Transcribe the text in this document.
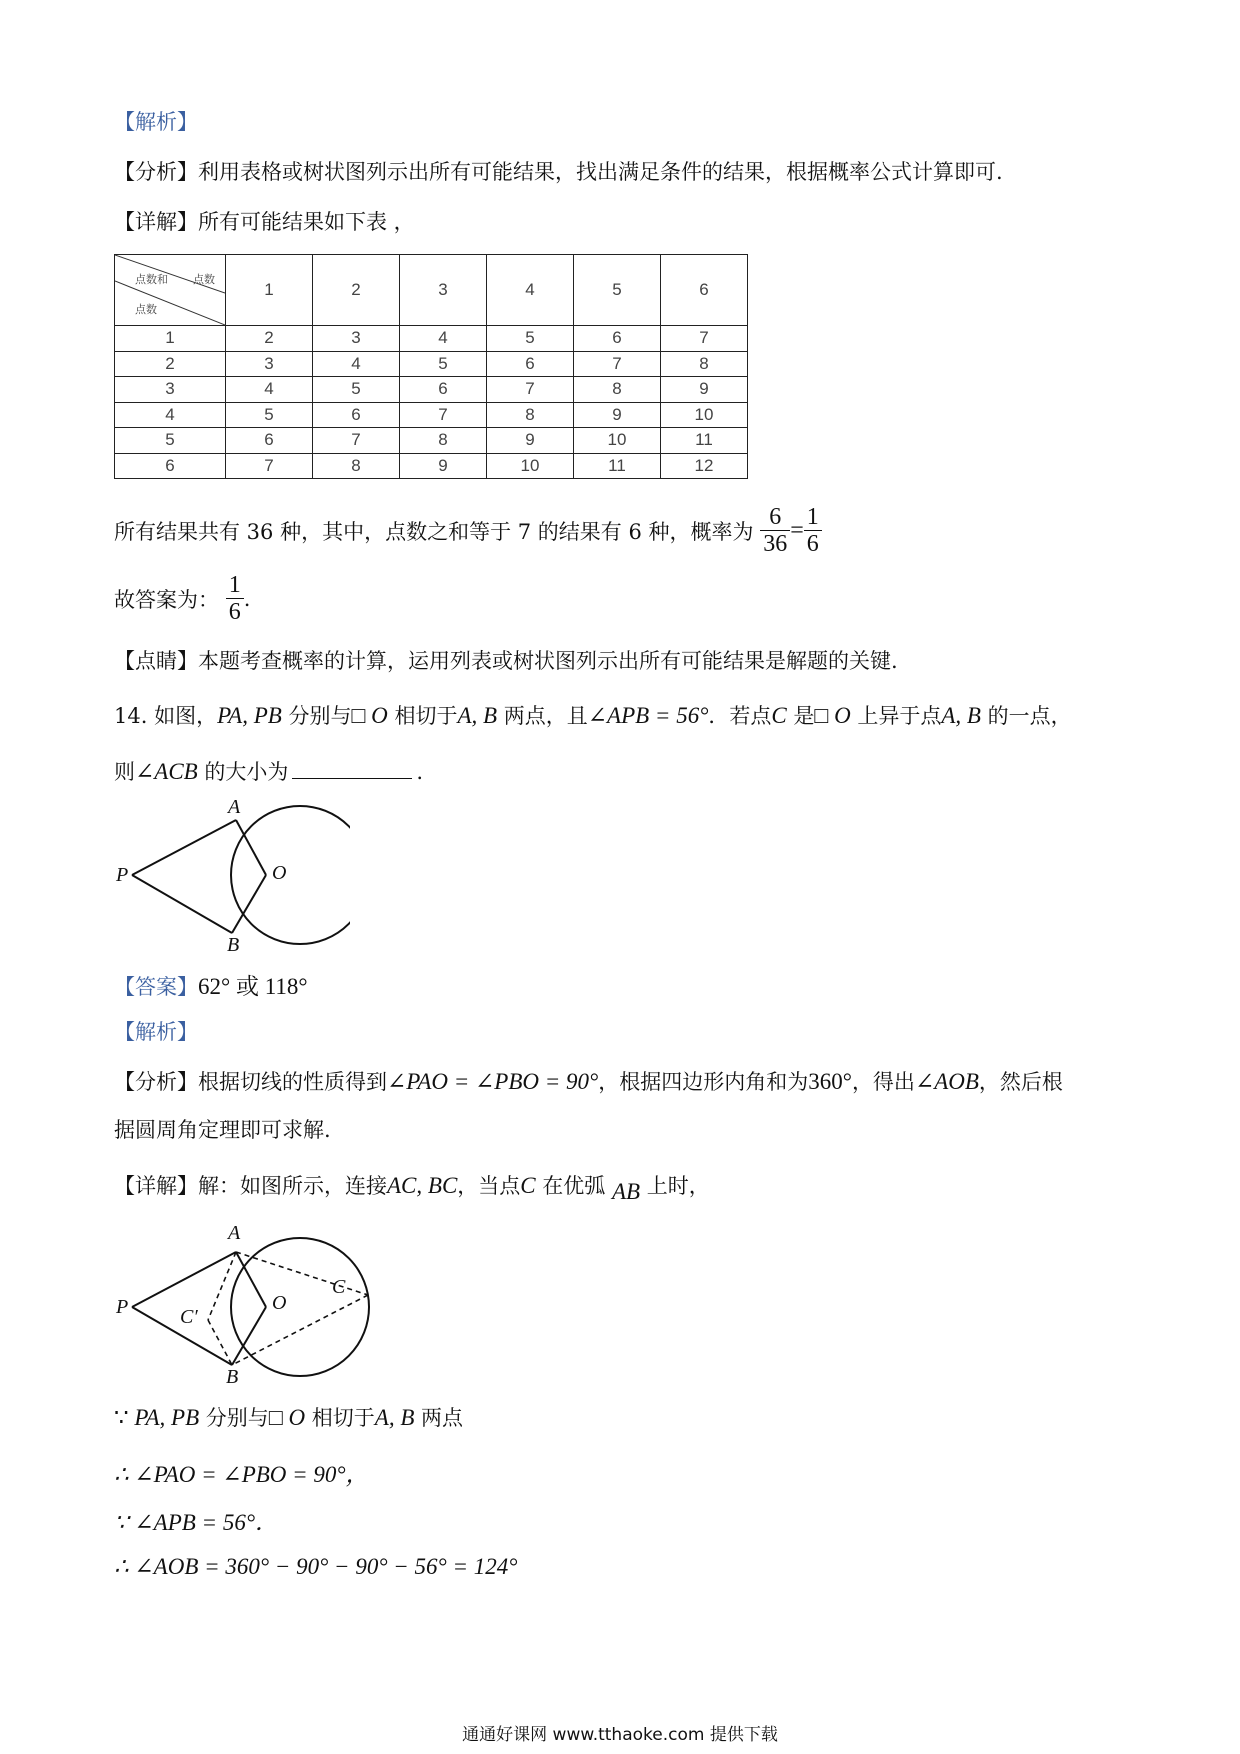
【解析】
【分析】利用表格或树状图列示出所有可能结果，找出满足条件的结果，根据概率公式计算即可.
【详解】所有可能结果如下表 ，
点数和 点数
点数	1	2	3	4	5	6
1	2	3	4	5	6	7
2	3	4	5	6	7	8
3	4	5	6	7	8	9
4	5	6	7	8	9	10
5	6	7	8	9	10	11
6	7	8	9	10	11	12
所有结果共有 36 种，其中，点数之和等于 7 的结果有 6 种，概率为 $\frac{6}{36} = \frac{1}{6}$
故答案为： $\frac{1}{6}$ .
【点睛】本题考查概率的计算，运用列表或树状图列示出所有可能结果是解题的关键.
14. 如图，PA, PB 分别与□ O 相切于A, B 两点，且∠APB = 56°．若点C 是□ O 上异于点A, B 的一点，
则∠ACB 的大小为	.
A
O
P
B
【答案】62° 或 118°
【解析】
【分析】根据切线的性质得到∠PAO = ∠PBO = 90°，根据四边形内角和为360°，得出∠AOB，然后根
据圆周角定理即可求解.
【详解】解：如图所示，连接AC, BC，当点C 在优弧 AB 上时，
A
C
P	C′
O
B
∵ PA, PB 分别与□ O 相切于A, B 两点
∴ ∠PAO = ∠PBO = 90°，
∵ ∠APB = 56°．
∴ ∠AOB = 360° − 90° − 90° − 56° = 124°
通通好课网 www.tthaoke.com 提供下载
